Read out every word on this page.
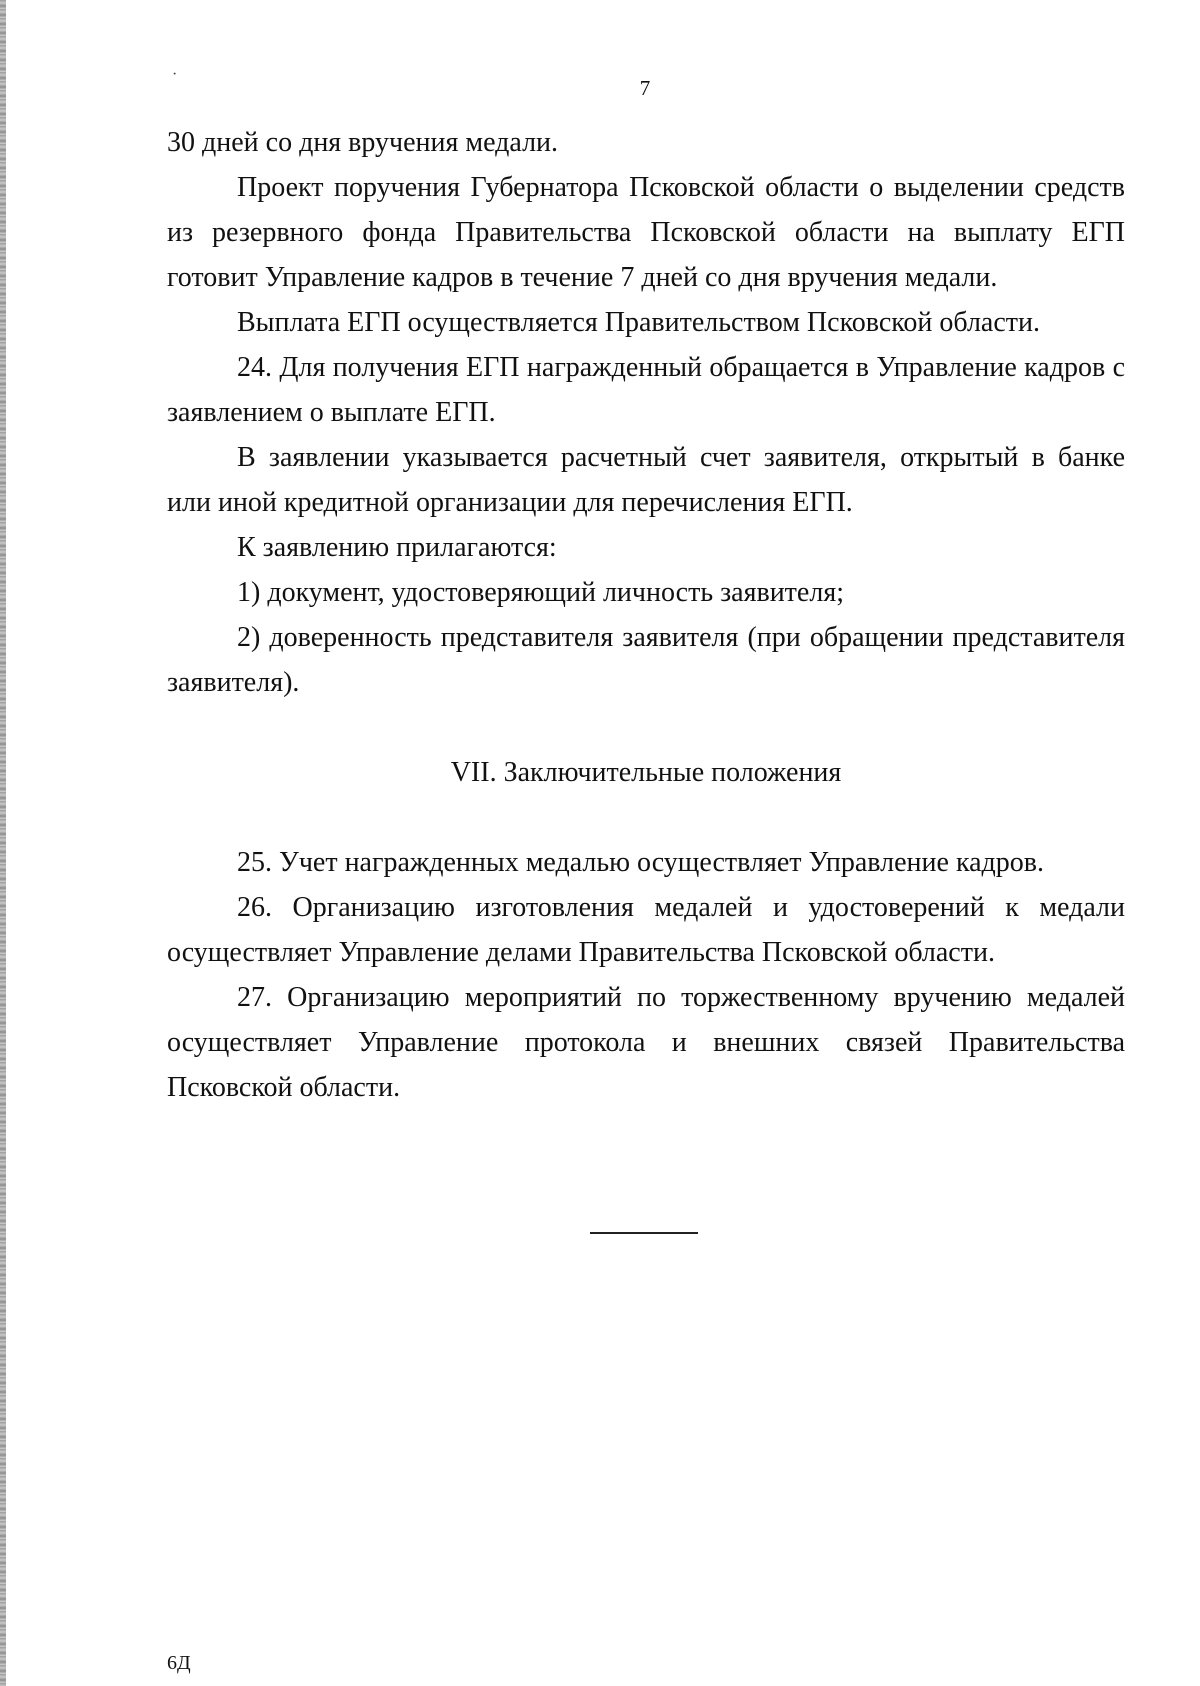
·
7

30 дней со дня вручения медали.

Проект поручения Губернатора Псковской области о выделении средств из резервного фонда Правительства Псковской области на выплату ЕГП готовит Управление кадров в течение 7 дней со дня вручения медали.

Выплата ЕГП осуществляется Правительством Псковской области.

24. Для получения ЕГП награжденный обращается в Управление кадров с заявлением о выплате ЕГП.

В заявлении указывается расчетный счет заявителя, открытый в банке или иной кредитной организации для перечисления ЕГП.

К заявлению прилагаются:

1) документ, удостоверяющий личность заявителя;

2) доверенность представителя заявителя (при обращении представителя заявителя).

VII. Заключительные положения

25. Учет награжденных медалью осуществляет Управление кадров.

26. Организацию изготовления медалей и удостоверений к медали осуществляет Управление делами Правительства Псковской области.

27. Организацию мероприятий по торжественному вручению медалей осуществляет Управление протокола и внешних связей Правительства Псковской области.

6Д
